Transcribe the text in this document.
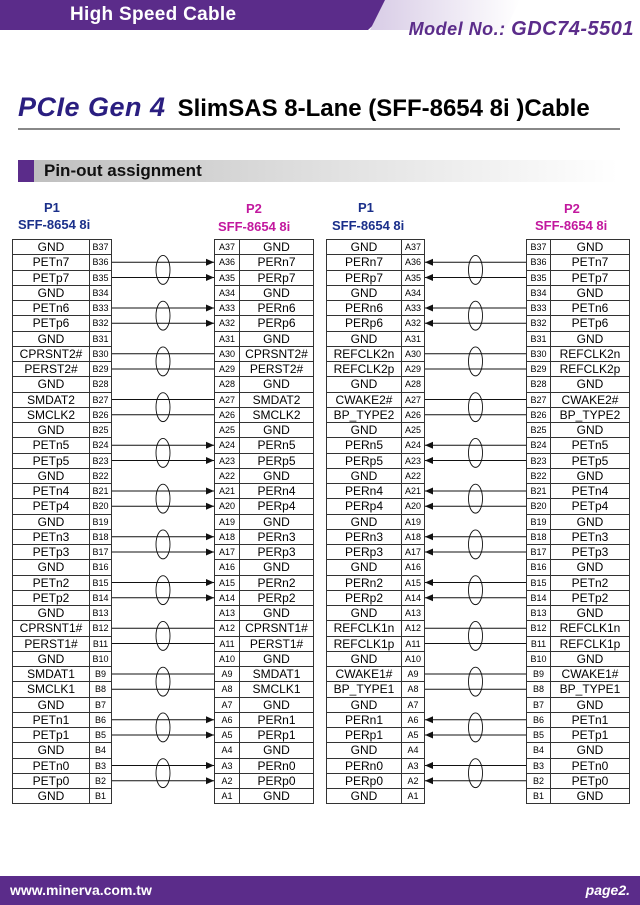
High Speed Cable
Model No.: GDC74-5501
PCIe Gen 4 SlimSAS 8-Lane (SFF-8654 8i )Cable
Pin-out assignment
P1
SFF-8654 8i
P2
SFF-8654 8i
P1
SFF-8654 8i
P2
SFF-8654 8i
GND
PETn7
PETp7
GND
PETn6
PETp6
GND
CPRSNT2#
PERST2#
GND
SMDAT2
SMCLK2
GND
PETn5
PETp5
GND
PETn4
PETp4
GND
PETn3
PETp3
GND
PETn2
PETp2
GND
CPRSNT1#
PERST1#
GND
SMDAT1
SMCLK1
GND
PETn1
PETp1
GND
PETn0
PETp0
GND
B37
B36
B35
B34
B33
B32
B31
B30
B29
B28
B27
B26
B25
B24
B23
B22
B21
B20
B19
B18
B17
B16
B15
B14
B13
B12
B11
B10
B9
B8
B7
B6
B5
B4
B3
B2
B1
A37
A36
A35
A34
A33
A32
A31
A30
A29
A28
A27
A26
A25
A24
A23
A22
A21
A20
A19
A18
A17
A16
A15
A14
A13
A12
A11
A10
A9
A8
A7
A6
A5
A4
A3
A2
A1
GND
PERn7
PERp7
GND
PERn6
PERp6
GND
CPRSNT2#
PERST2#
GND
SMDAT2
SMCLK2
GND
PERn5
PERp5
GND
PERn4
PERp4
GND
PERn3
PERp3
GND
PERn2
PERp2
GND
CPRSNT1#
PERST1#
GND
SMDAT1
SMCLK1
GND
PERn1
PERp1
GND
PERn0
PERp0
GND
GND
PERn7
PERp7
GND
PERn6
PERp6
GND
REFCLK2n
REFCLK2p
GND
CWAKE2#
BP_TYPE2
GND
PERn5
PERp5
GND
PERn4
PERp4
GND
PERn3
PERp3
GND
PERn2
PERp2
GND
REFCLK1n
REFCLK1p
GND
CWAKE1#
BP_TYPE1
GND
PERn1
PERp1
GND
PERn0
PERp0
GND
A37
A36
A35
A34
A33
A32
A31
A30
A29
A28
A27
A26
A25
A24
A23
A22
A21
A20
A19
A18
A17
A16
A15
A14
A13
A12
A11
A10
A9
A8
A7
A6
A5
A4
A3
A2
A1
B37
B36
B35
B34
B33
B32
B31
B30
B29
B28
B27
B26
B25
B24
B23
B22
B21
B20
B19
B18
B17
B16
B15
B14
B13
B12
B11
B10
B9
B8
B7
B6
B5
B4
B3
B2
B1
GND
PETn7
PETp7
GND
PETn6
PETp6
GND
REFCLK2n
REFCLK2p
GND
CWAKE2#
BP_TYPE2
GND
PETn5
PETp5
GND
PETn4
PETp4
GND
PETn3
PETp3
GND
PETn2
PETp2
GND
REFCLK1n
REFCLK1p
GND
CWAKE1#
BP_TYPE1
GND
PETn1
PETp1
GND
PETn0
PETp0
GND
www.minerva.com.tw	page2.
